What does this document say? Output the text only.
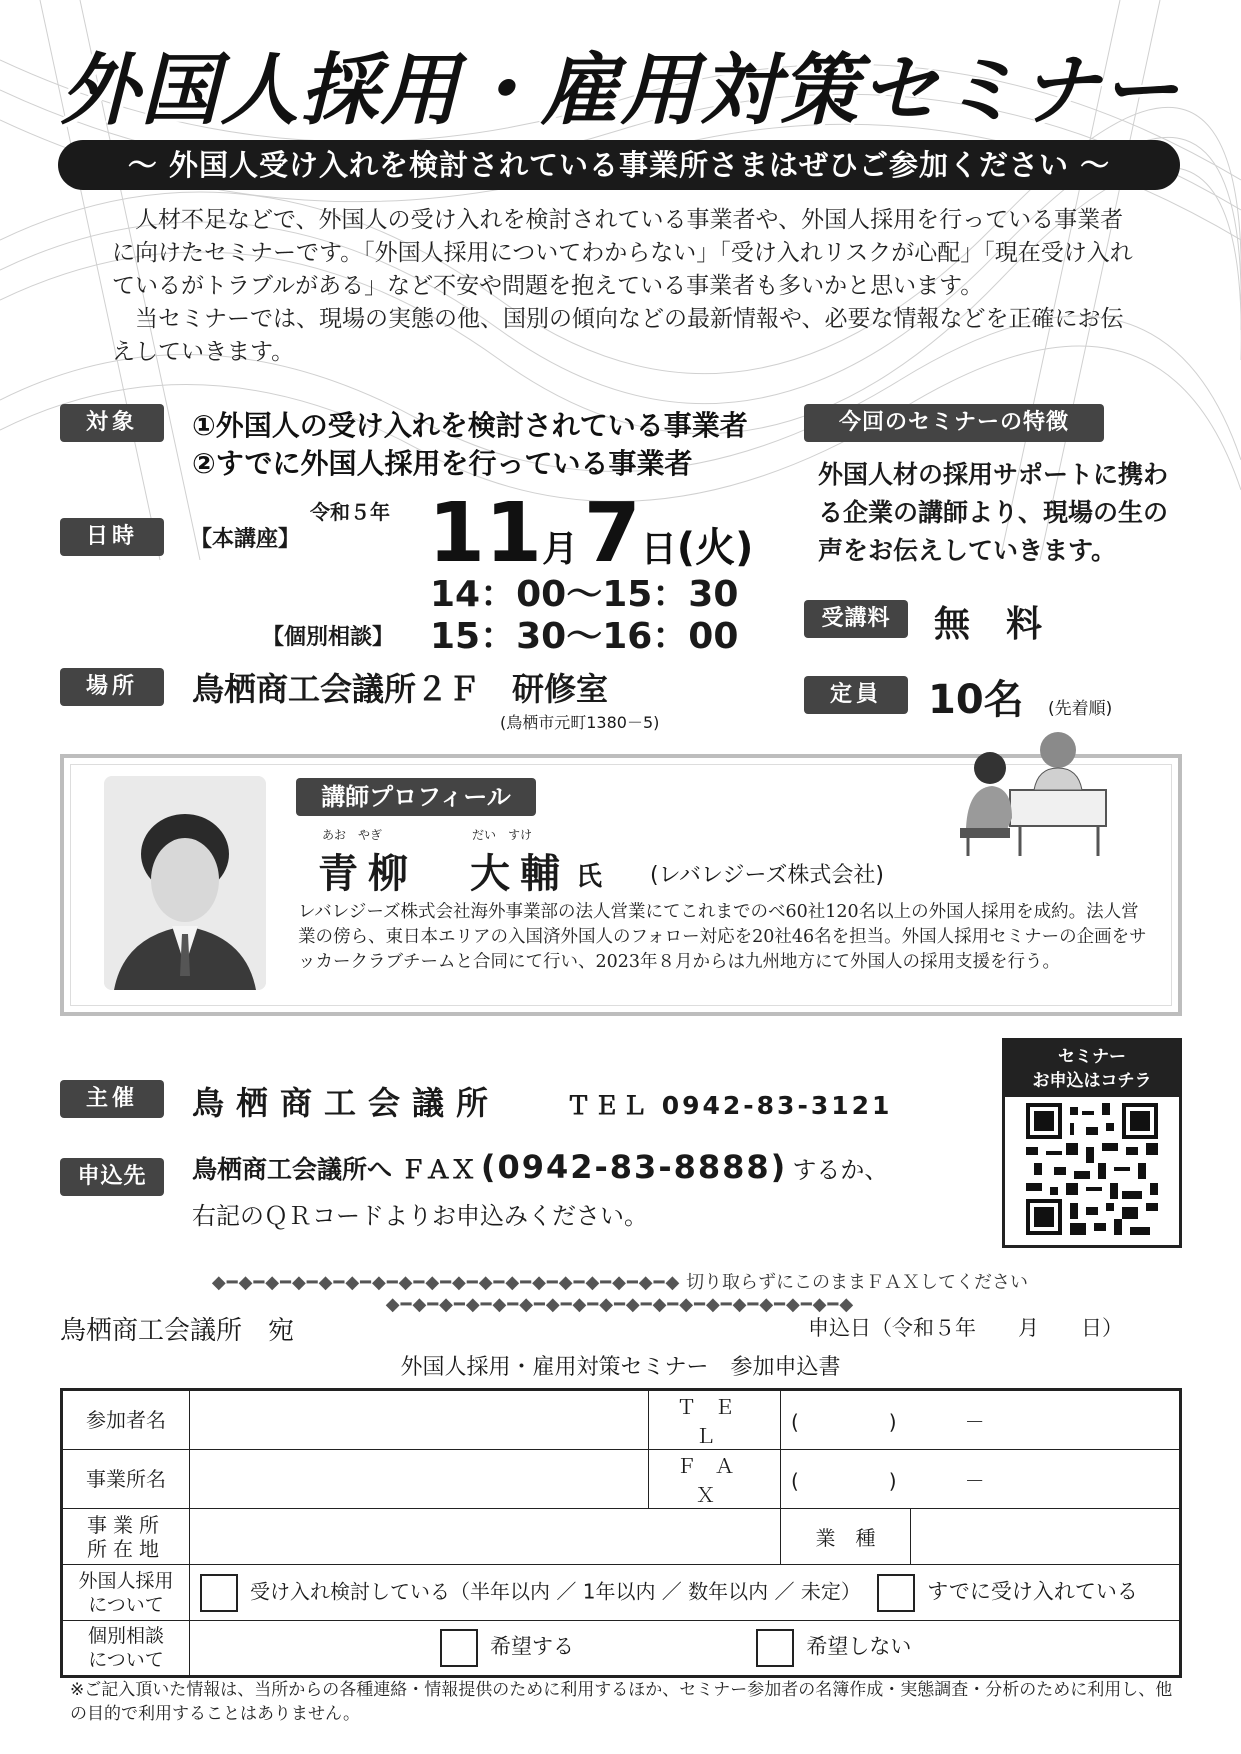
外国人採用・雇用対策セミナー
～ 外国人受け入れを検討されている事業所さまはぜひご参加ください ～

人材不足などで、外国人の受け入れを検討されている事業者や、外国人採用を行っている事業者に向けたセミナーです。「外国人採用についてわからない」「受け入れリスクが心配」「現在受け入れているがトラブルがある」など不安や問題を抱えている事業者も多いかと思います。

当セミナーでは、現場の実態の他、国別の傾向などの最新情報や、必要な情報などを正確にお伝えしていきます。

対象	①外国人の受け入れを検討されている事業者
②すでに外国人採用を行っている事業者
日時	【本講座】
令和５年 11月 7日(火)
14：00～15：30
【個別相談】 15：30～16：00
場所	鳥栖商工会議所２Ｆ　研修室
(鳥栖市元町1380－5)
今回のセミナーの特徴
外国人材の採用サポートに携わる企業の講師より、現場の生の声をお伝えしていきます。
受講料	無　料
定員	10名 (先着順)
講師プロフィール
あお　やぎ	だい　すけ
青柳 大輔 氏 (レバレジーズ株式会社)
レバレジーズ株式会社海外事業部の法人営業にてこれまでのべ60社120名以上の外国人採用を成約。法人営業の傍ら、東日本エリアの入国済外国人のフォロー対応を20社46名を担当。外国人採用セミナーの企画をサッカークラブチームと合同にて行い、2023年８月からは九州地方にて外国人の採用支援を行う。
主催	鳥栖商工会議所	ＴＥＬ 0942-83-3121
申込先	鳥栖商工会議所へ ＦＡＸ (0942-83-8888) するか、
右記のＱＲコードよりお申込みください。
セミナー
お申込はコチラ
◆━◆━◆━◆━◆━◆━◆━◆━◆━◆━◆━◆━◆━◆━◆━◆━◆━◆ 切り取らずにこのままＦＡＸしてください ◆━◆━◆━◆━◆━◆━◆━◆━◆━◆━◆━◆━◆━◆━◆━◆━◆━◆
鳥栖商工会議所　宛	申込日（令和５年　　月　　日）
外国人採用・雇用対策セミナー　参加申込書
参加者名		ＴＥＬ	(　　　　)　　　－	
事業所名		ＦＡＸ	(　　　　)　　　－	
事業所
所在地			業　種	
外国人採用
について	受け入れ検討している（半年以内 ／ 1年以内 ／ 数年以内 ／ 未定） すでに受け入れている			
個別相談
について	希望する 希望しない			
※ご記入頂いた情報は、当所からの各種連絡・情報提供のために利用するほか、セミナー参加者の名簿作成・実態調査・分析のために利用し、他の目的で利用することはありません。
